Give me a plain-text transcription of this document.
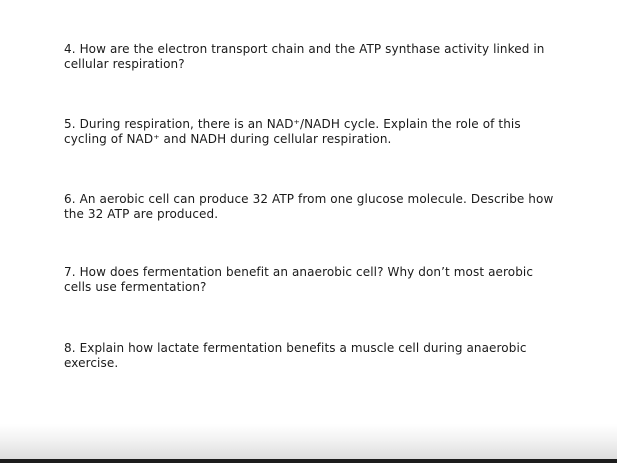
4. How are the electron transport chain and the ATP synthase activity linked in cellular respiration?

5. During respiration, there is an NAD⁺/NADH cycle. Explain the role of this cycling of NAD⁺ and NADH during cellular respiration.

6. An aerobic cell can produce 32 ATP from one glucose molecule. Describe how the 32 ATP are produced.

7. How does fermentation benefit an anaerobic cell? Why don’t most aerobic cells use fermentation?

8. Explain how lactate fermentation benefits a muscle cell during anaerobic exercise.
